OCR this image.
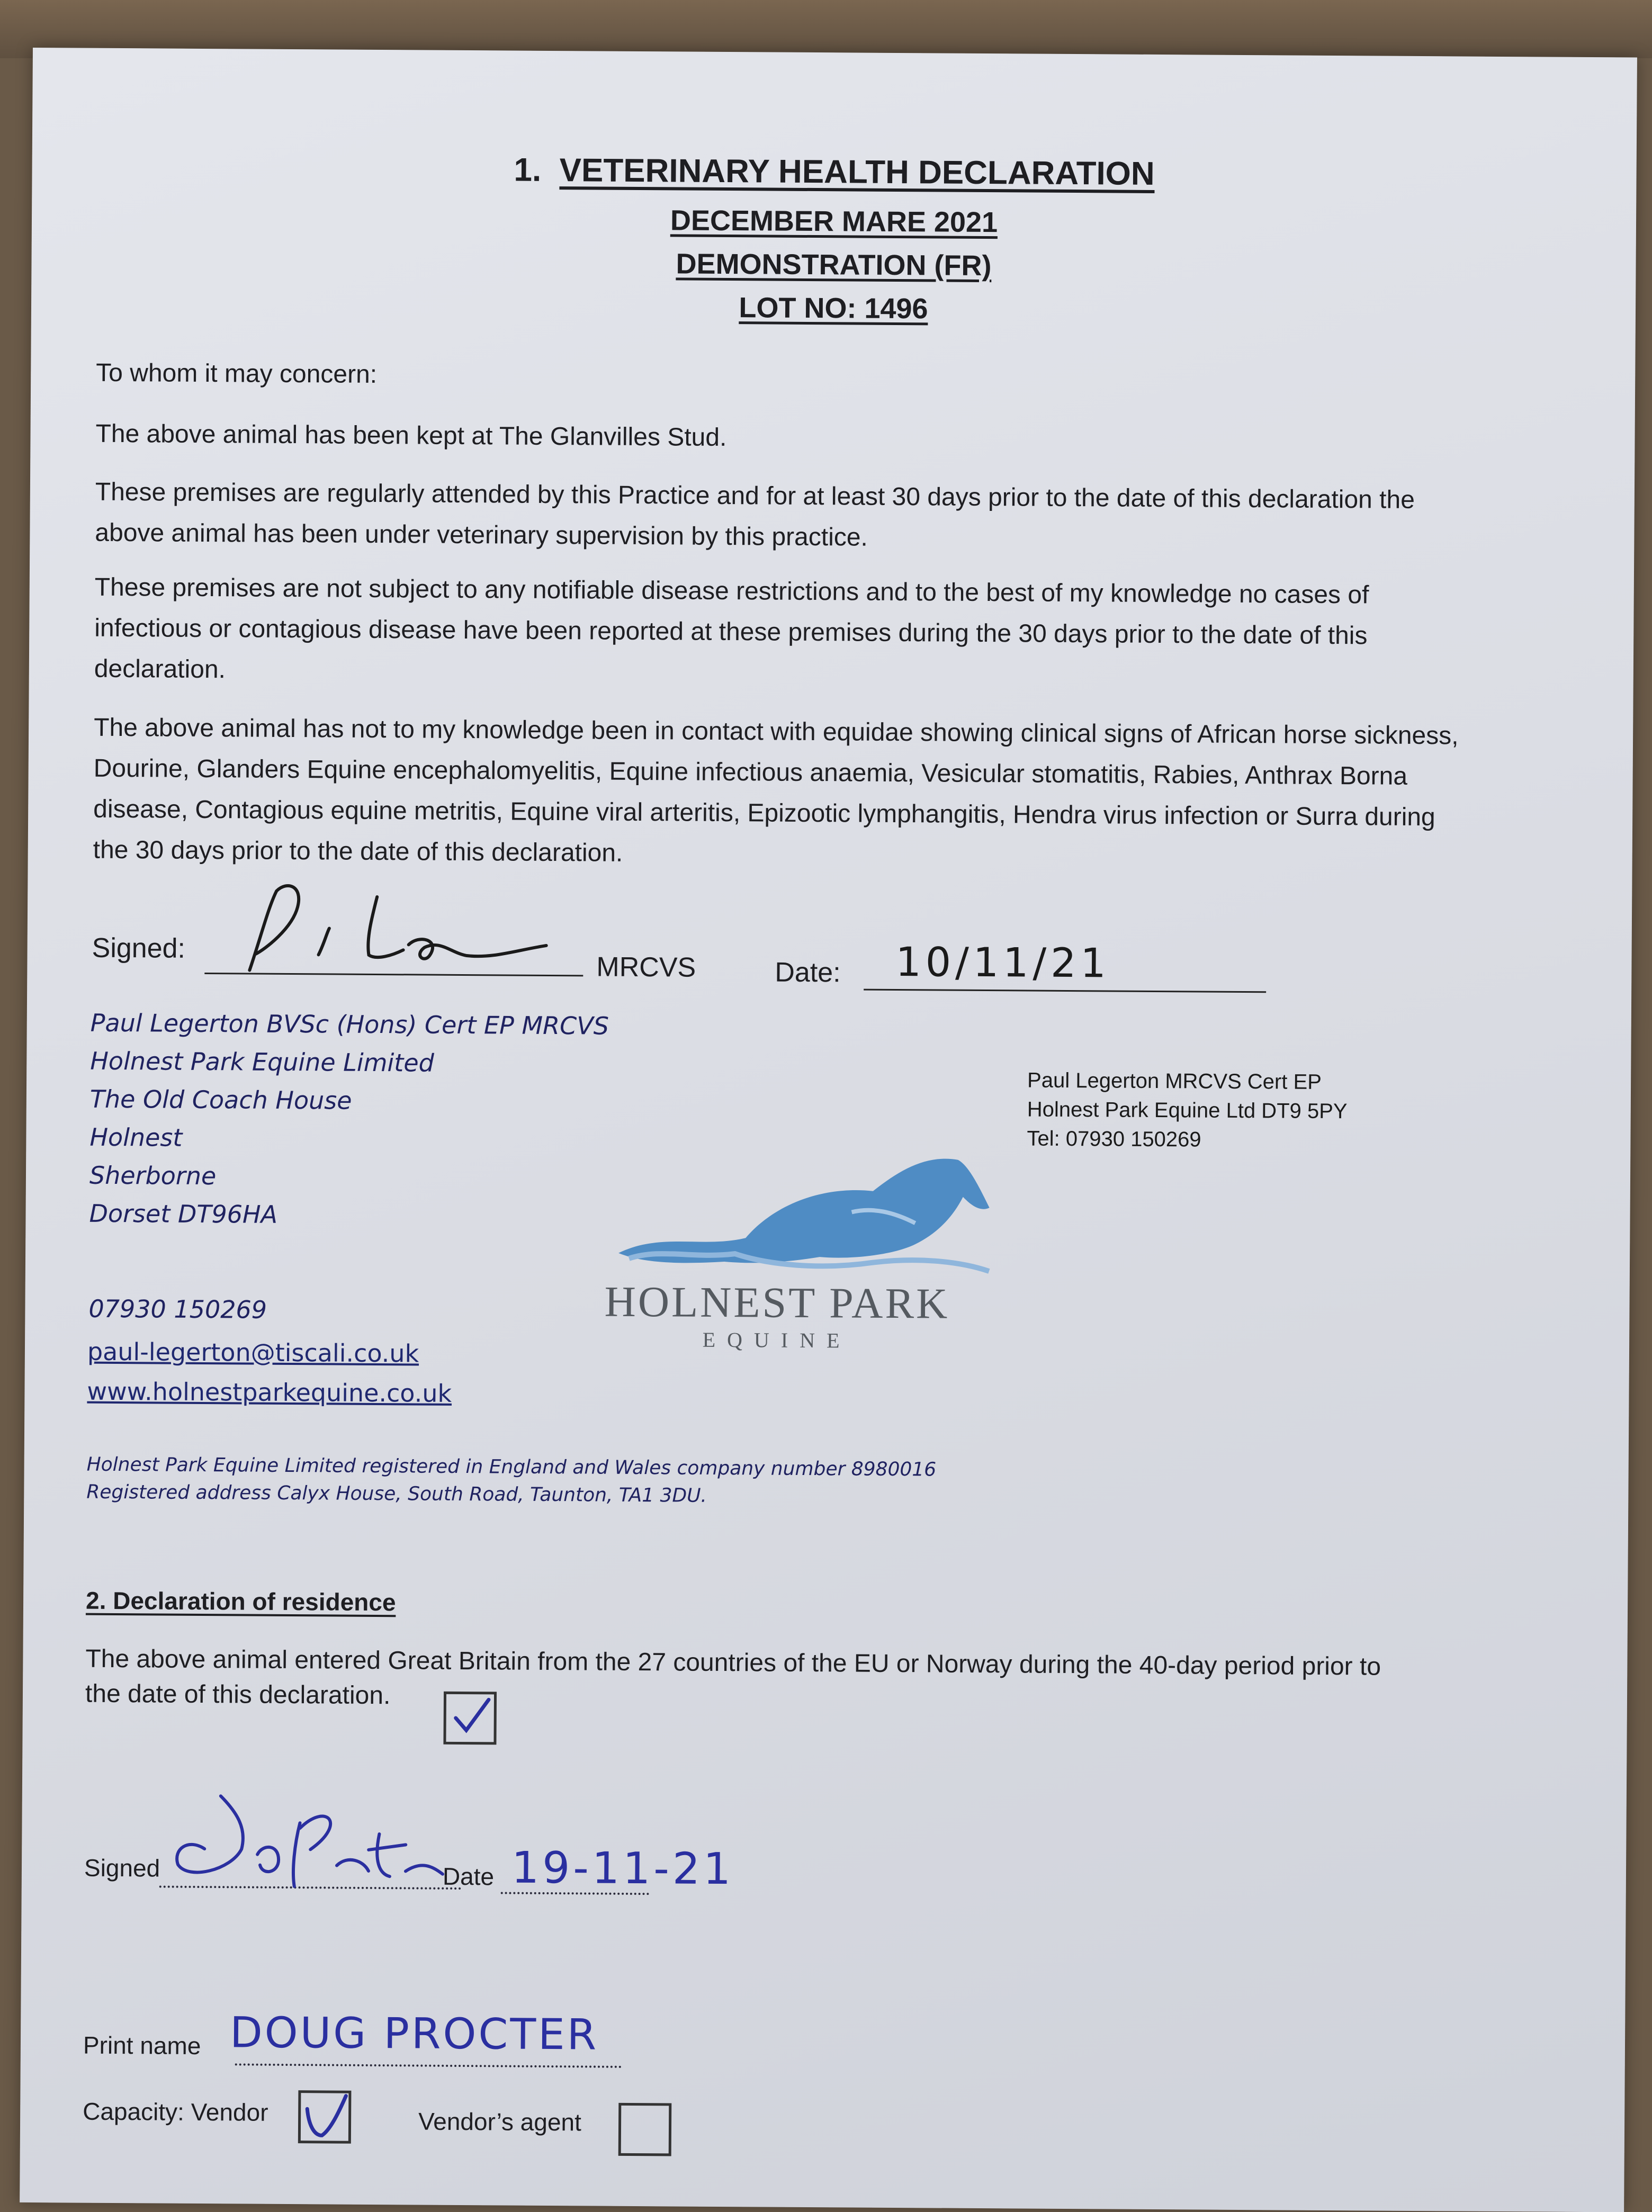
1. VETERINARY HEALTH DECLARATION
DECEMBER MARE 2021
DEMONSTRATION (FR)
LOT NO: 1496
To whom it may concern:
The above animal has been kept at The Glanvilles Stud.
These premises are regularly attended by this Practice and for at least 30 days prior to the date of this declaration the
above animal has been under veterinary supervision by this practice.
These premises are not subject to any notifiable disease restrictions and to the best of my knowledge no cases of
infectious or contagious disease have been reported at these premises during the 30 days prior to the date of this
declaration.
The above animal has not to my knowledge been in contact with equidae showing clinical signs of African horse sickness,
Dourine, Glanders Equine encephalomyelitis, Equine infectious anaemia, Vesicular stomatitis, Rabies, Anthrax Borna
disease, Contagious equine metritis, Equine viral arteritis, Epizootic lymphangitis, Hendra virus infection or Surra during
the 30 days prior to the date of this declaration.
Signed:
MRCVS	Date: 10/11/21
Paul Legerton BVSc (Hons) Cert EP MRCVS
Holnest Park Equine Limited
The Old Coach House
Holnest
Sherborne
Dorset DT96HA
07930 150269
paul-legerton@tiscali.co.uk
www.holnestparkequine.co.uk
Paul Legerton MRCVS Cert EP
Holnest Park Equine Ltd DT9 5PY
Tel: 07930 150269
HOLNEST PARK
EQUINE
Holnest Park Equine Limited registered in England and Wales company number 8980016
Registered address Calyx House, South Road, Taunton, TA1 3DU.
2. Declaration of residence
The above animal entered Great Britain from the 27 countries of the EU or Norway during the 40-day period prior to
the date of this declaration.
Signed	Date 19-11-21
Print name DOUG PROCTER
Capacity: Vendor	Vendor’s agent
